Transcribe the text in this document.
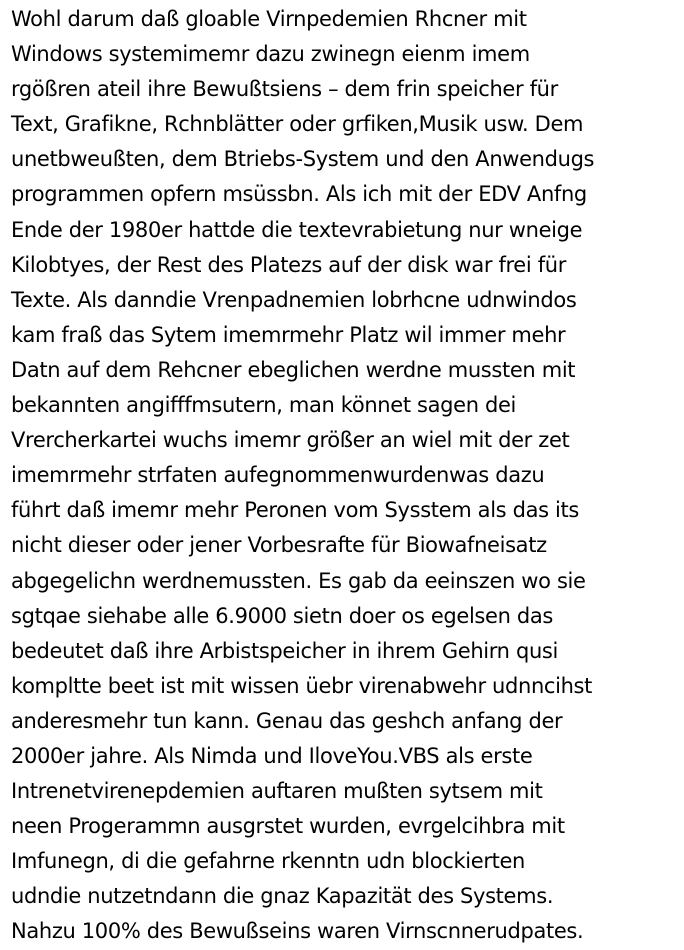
Wohl darum daß gloable Virnpedemien Rhcner mit
Windows systemimemr dazu zwinegn eienm imem
rgößren ateil ihre Bewußtsiens – dem frin speicher für
Text, Grafikne, Rchnblätter oder grfiken,Musik usw. Dem
unetbweußten, dem Btriebs-System und den Anwendugs
programmen opfern msüssbn. Als ich mit der EDV Anfng
Ende der 1980er hattde die textevrabietung nur wneige
Kilobtyes, der Rest des Platezs auf der disk war frei für
Texte. Als danndie Vrenpadnemien lobrhcne udnwindos
kam fraß das Sytem imemrmehr Platz wil immer mehr
Datn auf dem Rehcner ebeglichen werdne mussten mit
bekannten angifffmsutern, man könnet sagen dei
Vrercherkartei wuchs imemr größer an wiel mit der zet
imemrmehr strfaten aufegnommenwurdenwas dazu
führt daß imemr mehr Peronen vom Sysstem als das its
nicht dieser oder jener Vorbesrafte für Biowafneisatz
abgegelichn werdnemussten. Es gab da eeinszen wo sie
sgtqae siehabe alle 6.9000 sietn doer os egelsen das
bedeutet daß ihre Arbistspeicher in ihrem Gehirn qusi
kompltte beet ist mit wissen üebr virenabwehr udnncihst
anderesmehr tun kann. Genau das geshch anfang der
2000er jahre. Als Nimda und IloveYou.VBS als erste
Intrenetvirenepdemien auftaren mußten sytsem mit
neen Progerammn ausgrstet wurden, evrgelcihbra mit
Imfunegn, di die gefahrne rkenntn udn blockierten
udndie nutzetndann die gnaz Kapazität des Systems.
Nahzu 100% des Bewußseins waren Virnscnnerudpates.
